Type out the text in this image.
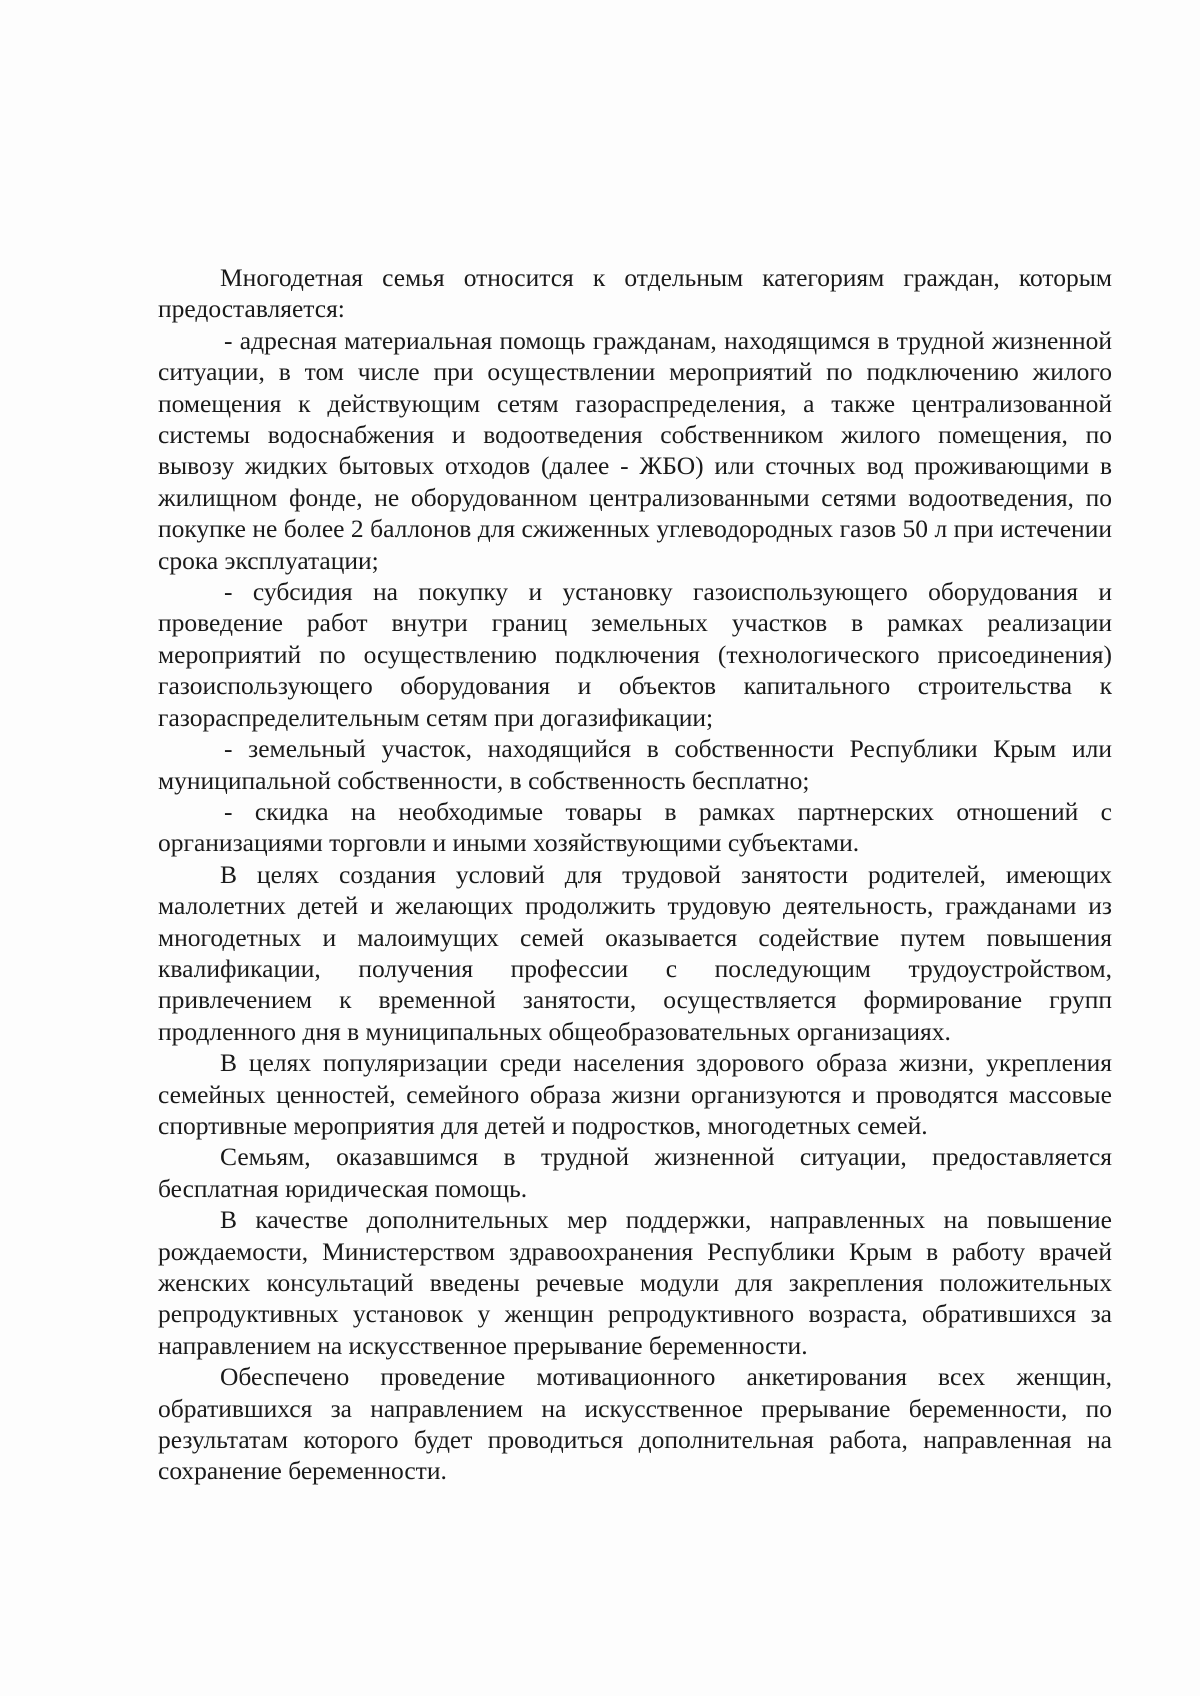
Многодетная семья относится к отдельным категориям граждан, которым предоставляется:

- адресная материальная помощь гражданам, находящимся в трудной жизненной ситуации, в том числе при осуществлении мероприятий по подключению жилого помещения к действующим сетям газораспределения, а также централизованной системы водоснабжения и водоотведения собственником жилого помещения, по вывозу жидких бытовых отходов (далее - ЖБО) или сточных вод проживающими в жилищном фонде, не оборудованном централизованными сетями водоотведения, по покупке не более 2 баллонов для сжиженных углеводородных газов 50 л при истечении срока эксплуатации;

- субсидия на покупку и установку газоиспользующего оборудования и проведение работ внутри границ земельных участков в рамках реализации мероприятий по осуществлению подключения (технологического присоединения) газоиспользующего оборудования и объектов капитального строительства к газораспределительным сетям при догазификации;

- земельный участок, находящийся в собственности Республики Крым или муниципальной собственности, в собственность бесплатно;

- скидка на необходимые товары в рамках партнерских отношений с организациями торговли и иными хозяйствующими субъектами.

В целях создания условий для трудовой занятости родителей, имеющих малолетних детей и желающих продолжить трудовую деятельность, гражданами из многодетных и малоимущих семей оказывается содействие путем повышения квалификации, получения профессии с последующим трудоустройством, привлечением к временной занятости, осуществляется формирование групп продленного дня в муниципальных общеобразовательных организациях.

В целях популяризации среди населения здорового образа жизни, укрепления семейных ценностей, семейного образа жизни организуются и проводятся массовые спортивные мероприятия для детей и подростков, многодетных семей.

Семьям, оказавшимся в трудной жизненной ситуации, предоставляется бесплатная юридическая помощь.

В качестве дополнительных мер поддержки, направленных на повышение рождаемости, Министерством здравоохранения Республики Крым в работу врачей женских консультаций введены речевые модули для закрепления положительных репродуктивных установок у женщин репродуктивного возраста, обратившихся за направлением на искусственное прерывание беременности.

Обеспечено проведение мотивационного анкетирования всех женщин, обратившихся за направлением на искусственное прерывание беременности, по результатам которого будет проводиться дополнительная работа, направленная на сохранение беременности.
